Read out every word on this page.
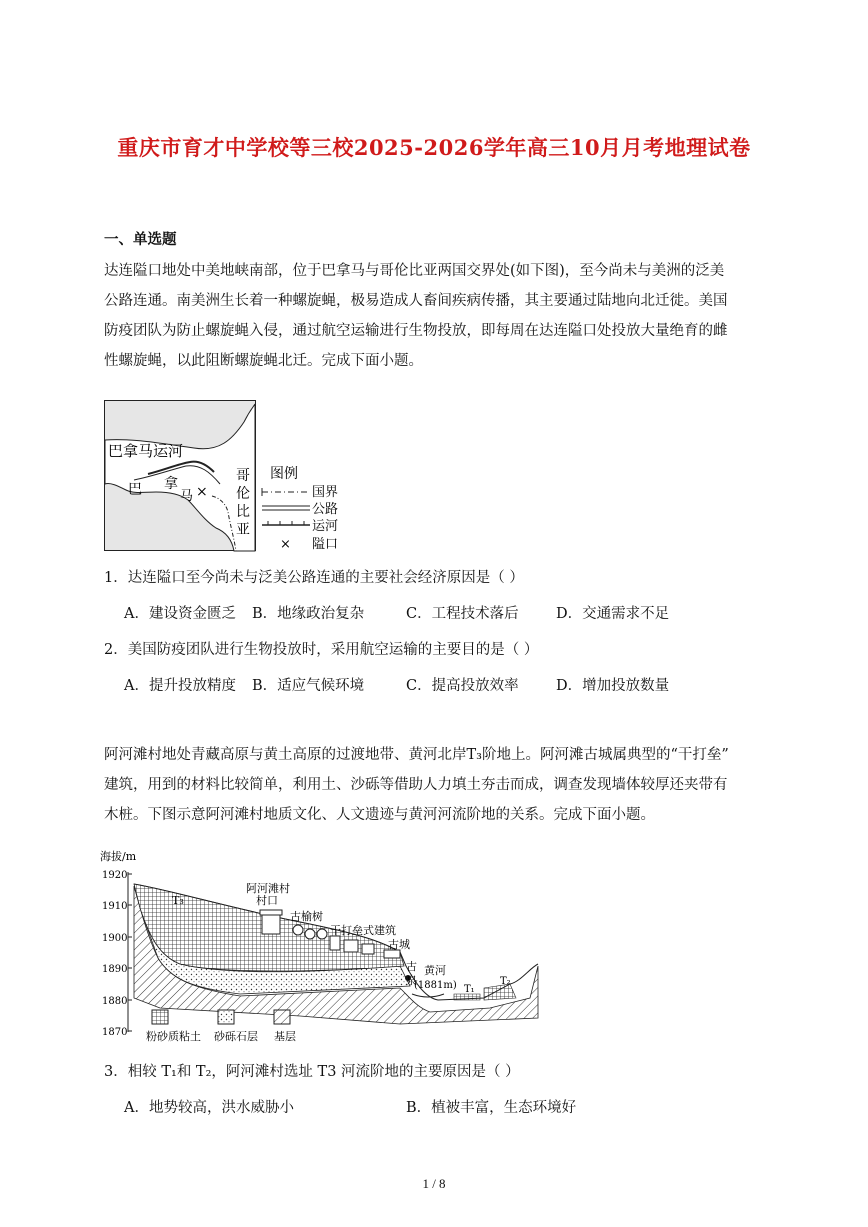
重庆市育才中学校等三校2025-2026学年高三10月月考地理试卷
一、单选题
达连隘口地处中美地峡南部，位于巴拿马与哥伦比亚两国交界处(如下图)，至今尚未与美洲的泛美
公路连通。南美洲生长着一种螺旋蝇，极易造成人畜间疾病传播，其主要通过陆地向北迁徙。美国
防疫团队为防止螺旋蝇入侵，通过航空运输进行生物投放，即每周在达连隘口处投放大量绝育的雌
性螺旋蝇，以此阻断螺旋蝇北迁。完成下面小题。
×
巴拿马运河
巴 拿
马
哥
伦
比
亚
图例
国界
公路
运河
× 隘口
1．达连隘口至今尚未与泛美公路连通的主要社会经济原因是（ ）
A．建设资金匮乏 B．地缘政治复杂	C．工程技术落后	D．交通需求不足
2．美国防疫团队进行生物投放时，采用航空运输的主要目的是（ ）
A．提升投放精度 B．适应气候环境	C．提高投放效率	D．增加投放数量
阿河滩村地处青藏高原与黄土高原的过渡地带、黄河北岸T₃阶地上。阿河滩古城属典型的“干打垒”
建筑，用到的材料比较简单，利用土、沙砾等借助人力填土夯击而成，调查发现墙体较厚还夹带有
木桩。下图示意阿河滩村地质文化、人文遗迹与黄河河流阶地的关系。完成下面小题。
海拔/m
1920
1910
1900
1890
1880
1870
T₃
阿河滩村
村口
古榆树
干打垒式建筑
古城
古
泉
黄河
(1881m) T₁
T₂
粉砂质粘土 砂砾石层 基层
3．相较 T₁和 T₂，阿河滩村选址 T3 河流阶地的主要原因是（ ）
A．地势较高，洪水威胁小	B．植被丰富，生态环境好
1 / 8
